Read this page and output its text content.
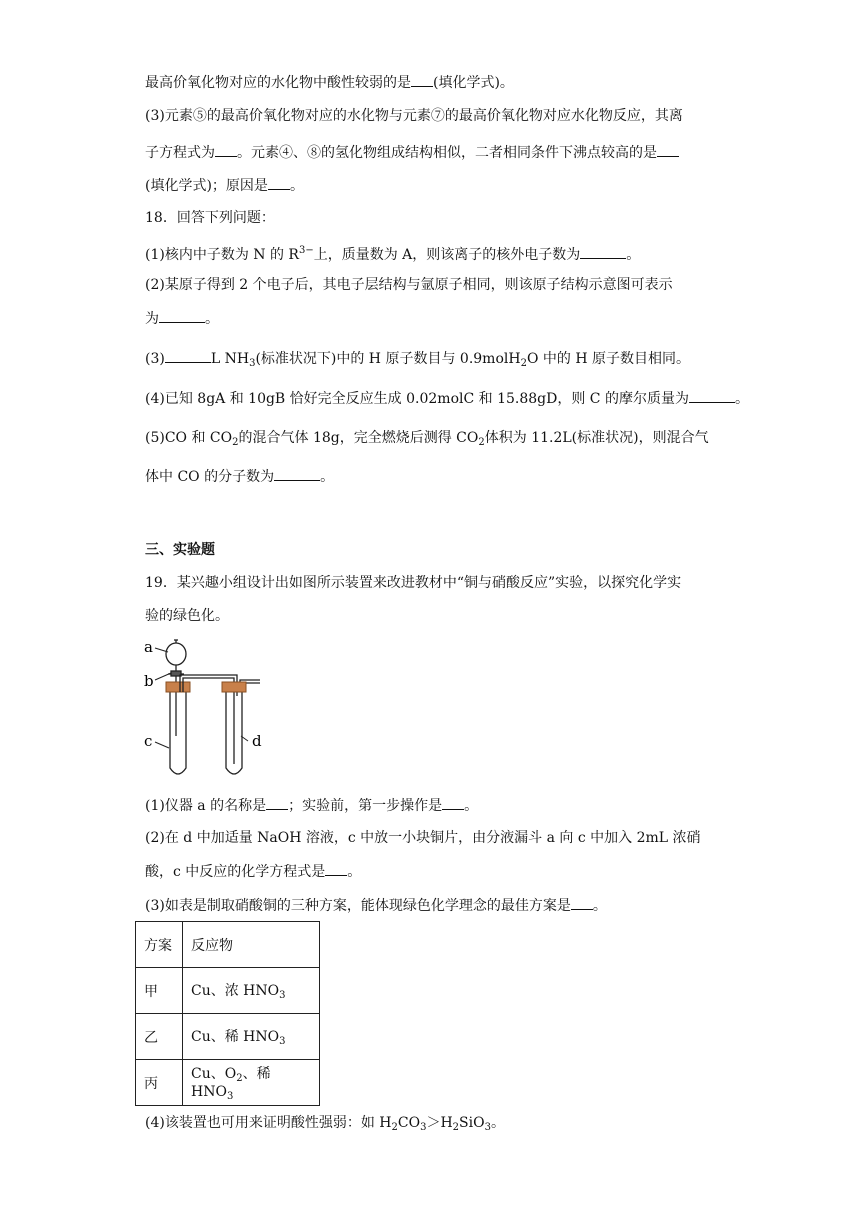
最高价氧化物对应的水化物中酸性较弱的是 (填化学式)。
(3)元素⑤的最高价氧化物对应的水化物与元素⑦的最高价氧化物对应水化物反应，其离
子方程式为 。元素④、⑧的氢化物组成结构相似，二者相同条件下沸点较高的是
(填化学式)；原因是 。
18．回答下列问题：
(1)核内中子数为 N 的 $R^{3-}$上，质量数为 A，则该离子的核外电子数为	。
(2)某原子得到 2 个电子后，其电子层结构与氩原子相同，则该原子结构示意图可表示
为	。
(3)	L $NH_3$(标准状况下)中的 H 原子数目与 0.9molH$_2$O 中的 H 原子数目相同。
(4)已知 8gA 和 10gB 恰好完全反应生成 0.02molC 和 15.88gD，则 C 的摩尔质量为	。
(5)CO 和 $CO_2$的混合气体 18g，完全燃烧后测得 $CO_2$体积为 11.2L(标准状况)，则混合气
体中 CO 的分子数为	。
三、实验题
19．某兴趣小组设计出如图所示装置来改进教材中“铜与硝酸反应”实验，以探究化学实
验的绿色化。
a
b
c	d
(1)仪器 a 的名称是 ；实验前，第一步操作是 。
(2)在 d 中加适量 NaOH 溶液，c 中放一小块铜片，由分液漏斗 a 向 c 中加入 2mL 浓硝
酸，c 中反应的化学方程式是 。
(3)如表是制取硝酸铜的三种方案，能体现绿色化学理念的最佳方案是 。
方案	反应物
甲	Cu、浓 $HNO_3$
乙	Cu、稀 $HNO_3$
丙	Cu、$O_2$、稀 $HNO_3$
(4)该装置也可用来证明酸性强弱：如 $H_2CO_3>H_2SiO_3$。
